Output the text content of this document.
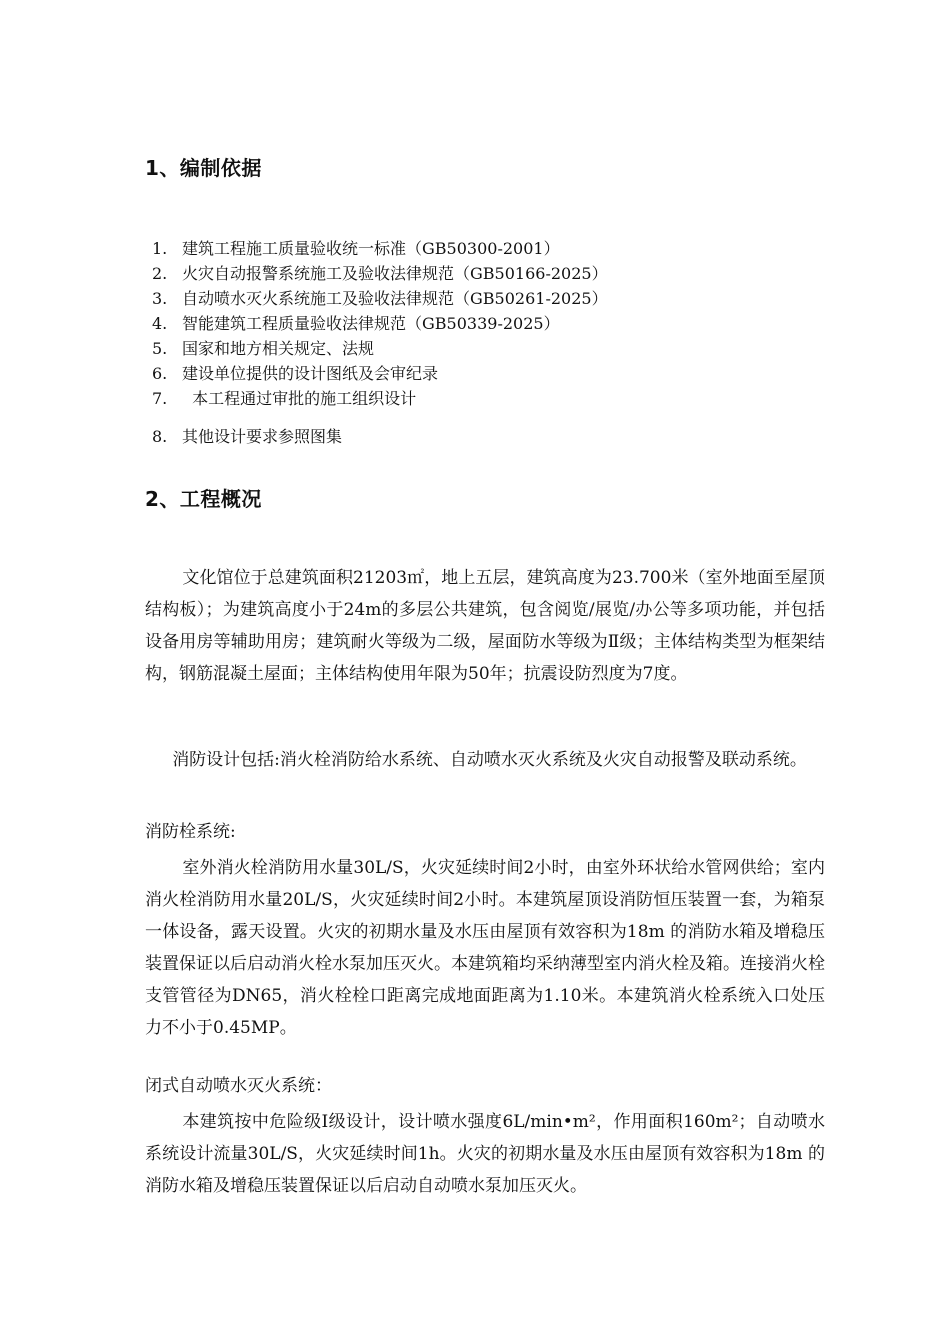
1、编制依据
1. 建筑工程施工质量验收统一标准（GB50300-2001）
2. 火灾自动报警系统施工及验收法律规范（GB50166-2025）
3. 自动喷水灭火系统施工及验收法律规范（GB50261-2025）
4. 智能建筑工程质量验收法律规范（GB50339-2025）
5. 国家和地方相关规定、法规
6. 建设单位提供的设计图纸及会审纪录
7.  本工程通过审批的施工组织设计
8. 其他设计要求参照图集
2、工程概况

文化馆位于总建筑面积21203㎡，地上五层，建筑高度为23.700米（室外地面至屋顶结构板）；为建筑高度小于24m的多层公共建筑，包含阅览/展览/办公等多项功能，并包括设备用房等辅助用房；建筑耐火等级为二级，屋面防水等级为Ⅱ级；主体结构类型为框架结构，钢筋混凝土屋面；主体结构使用年限为50年；抗震设防烈度为7度。

消防设计包括:消火栓消防给水系统、自动喷水灭火系统及火灾自动报警及联动系统。

消防栓系统:

室外消火栓消防用水量30L/S，火灾延续时间2小时，由室外环状给水管网供给；室内消火栓消防用水量20L/S，火灾延续时间2小时。本建筑屋顶设消防恒压装置一套，为箱泵一体设备，露天设置。火灾的初期水量及水压由屋顶有效容积为18m 的消防水箱及增稳压装置保证以后启动消火栓水泵加压灭火。本建筑箱均采纳薄型室内消火栓及箱。连接消火栓支管管径为DN65，消火栓栓口距离完成地面距离为1.10米。本建筑消火栓系统入口处压力不小于0.45MP。

闭式自动喷水灭火系统：

本建筑按中危险级Ⅰ级设计，设计喷水强度6L/min•m²，作用面积160m²；自动喷水系统设计流量30L/S，火灾延续时间1h。火灾的初期水量及水压由屋顶有效容积为18m 的消防水箱及增稳压装置保证以后启动自动喷水泵加压灭火。
